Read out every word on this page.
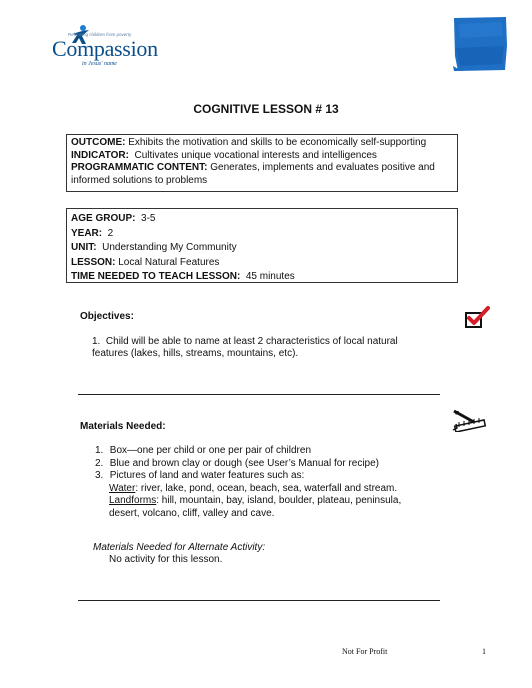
Releasing children from poverty
Compassion
in Jesus' name
COGNITIVE LESSON # 13

OUTCOME: Exhibits the motivation and skills to be economically self-supporting

INDICATOR:  Cultivates unique vocational interests and intelligences

PROGRAMMATIC CONTENT: Generates, implements and evaluates positive and

informed solutions to problems

AGE GROUP:  3-5

YEAR:  2

UNIT:  Understanding My Community

LESSON: Local Natural Features

TIME NEEDED TO TEACH LESSON:  45 minutes

Objectives:
1. Child will be able to name at least 2 characteristics of local natural
features (lakes, hills, streams, mountains, etc).
Materials Needed:
1. Box—one per child or one per pair of children
2. Blue and brown clay or dough (see User’s Manual for recipe)
3. Pictures of land and water features such as:
Water: river, lake, pond, ocean, beach, sea, waterfall and stream.
Landforms: hill, mountain, bay, island, boulder, plateau, peninsula,
desert, volcano, cliff, valley and cave.
Materials Needed for Alternate Activity:
No activity for this lesson.
Not For Profit	1
